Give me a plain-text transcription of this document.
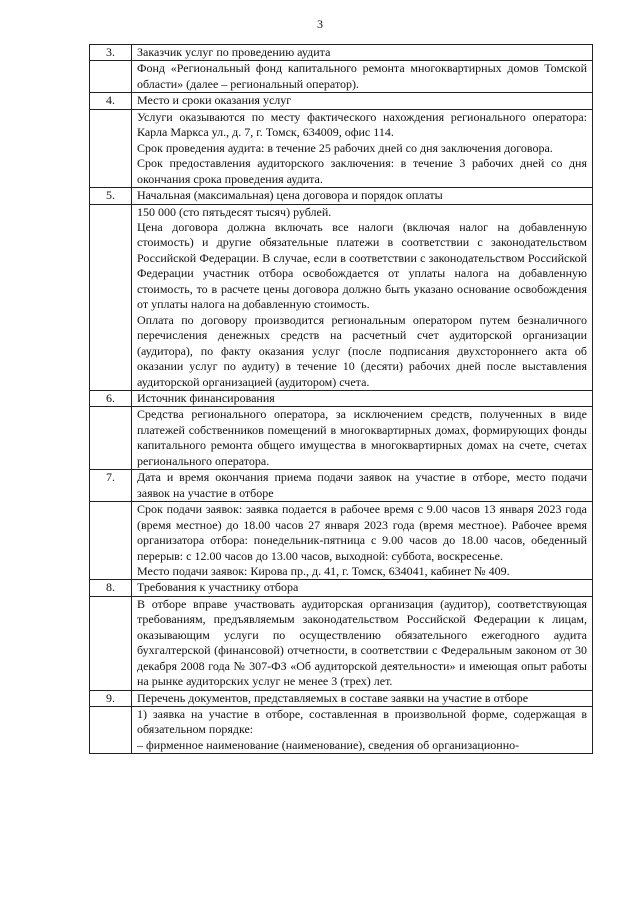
3
3.	Заказчик услуг по проведению аудита

	Фонд «Региональный фонд капитального ремонта многоквартирных домов Томской области» (далее – региональный оператор).

4.	Место и сроки оказания услуг

	Услуги оказываются по месту фактического нахождения регионального оператора: Карла Маркса ул., д. 7, г. Томск, 634009, офис 114.

Срок проведения аудита: в течение 25 рабочих дней со дня заключения договора.

Срок предоставления аудиторского заключения: в течение 3 рабочих дней со дня окончания срока проведения аудита.

5.	Начальная (максимальная) цена договора и порядок оплаты

	150 000 (сто пятьдесят тысяч) рублей.

Цена договора должна включать все налоги (включая налог на добавленную стоимость) и другие обязательные платежи в соответствии с законодательством Российской Федерации. В случае, если в соответствии с законодательством Российской Федерации участник отбора освобождается от уплаты налога на добавленную стоимость, то в расчете цены договора должно быть указано основание освобождения от уплаты налога на добавленную стоимость.

Оплата по договору производится региональным оператором путем безналичного перечисления денежных средств на расчетный счет аудиторской организации (аудитора), по факту оказания услуг (после подписания двухстороннего акта об оказании услуг по аудиту) в течение 10 (десяти) рабочих дней после выставления аудиторской организацией (аудитором) счета.

6.	Источник финансирования

	Средства регионального оператора, за исключением средств, полученных в виде платежей собственников помещений в многоквартирных домах, формирующих фонды капитального ремонта общего имущества в многоквартирных домах на счете, счетах регионального оператора.

7.	Дата и время окончания приема подачи заявок на участие в отборе, место подачи заявок на участие в отборе

	Срок подачи заявок: заявка подается в рабочее время с 9.00 часов 13 января 2023 года (время местное) до 18.00 часов 27 января 2023 года (время местное). Рабочее время организатора отбора: понедельник-пятница с 9.00 часов до 18.00 часов, обеденный перерыв: с 12.00 часов до 13.00 часов, выходной: суббота, воскресенье.

Место подачи заявок: Кирова пр., д. 41, г. Томск, 634041, кабинет № 409.

8.	Требования к участнику отбора

	В отборе вправе участвовать аудиторская организация (аудитор), соответствующая требованиям, предъявляемым законодательством Российской Федерации к лицам, оказывающим услуги по осуществлению обязательного ежегодного аудита бухгалтерской (финансовой) отчетности, в соответствии с Федеральным законом от 30 декабря 2008 года № 307-ФЗ «Об аудиторской деятельности» и имеющая опыт работы на рынке аудиторских услуг не менее 3 (трех) лет.

9.	Перечень документов, представляемых в составе заявки на участие в отборе

	1) заявка на участие в отборе, составленная в произвольной форме, содержащая в обязательном порядке:

– фирменное наименование (наименование), сведения об организационно-
